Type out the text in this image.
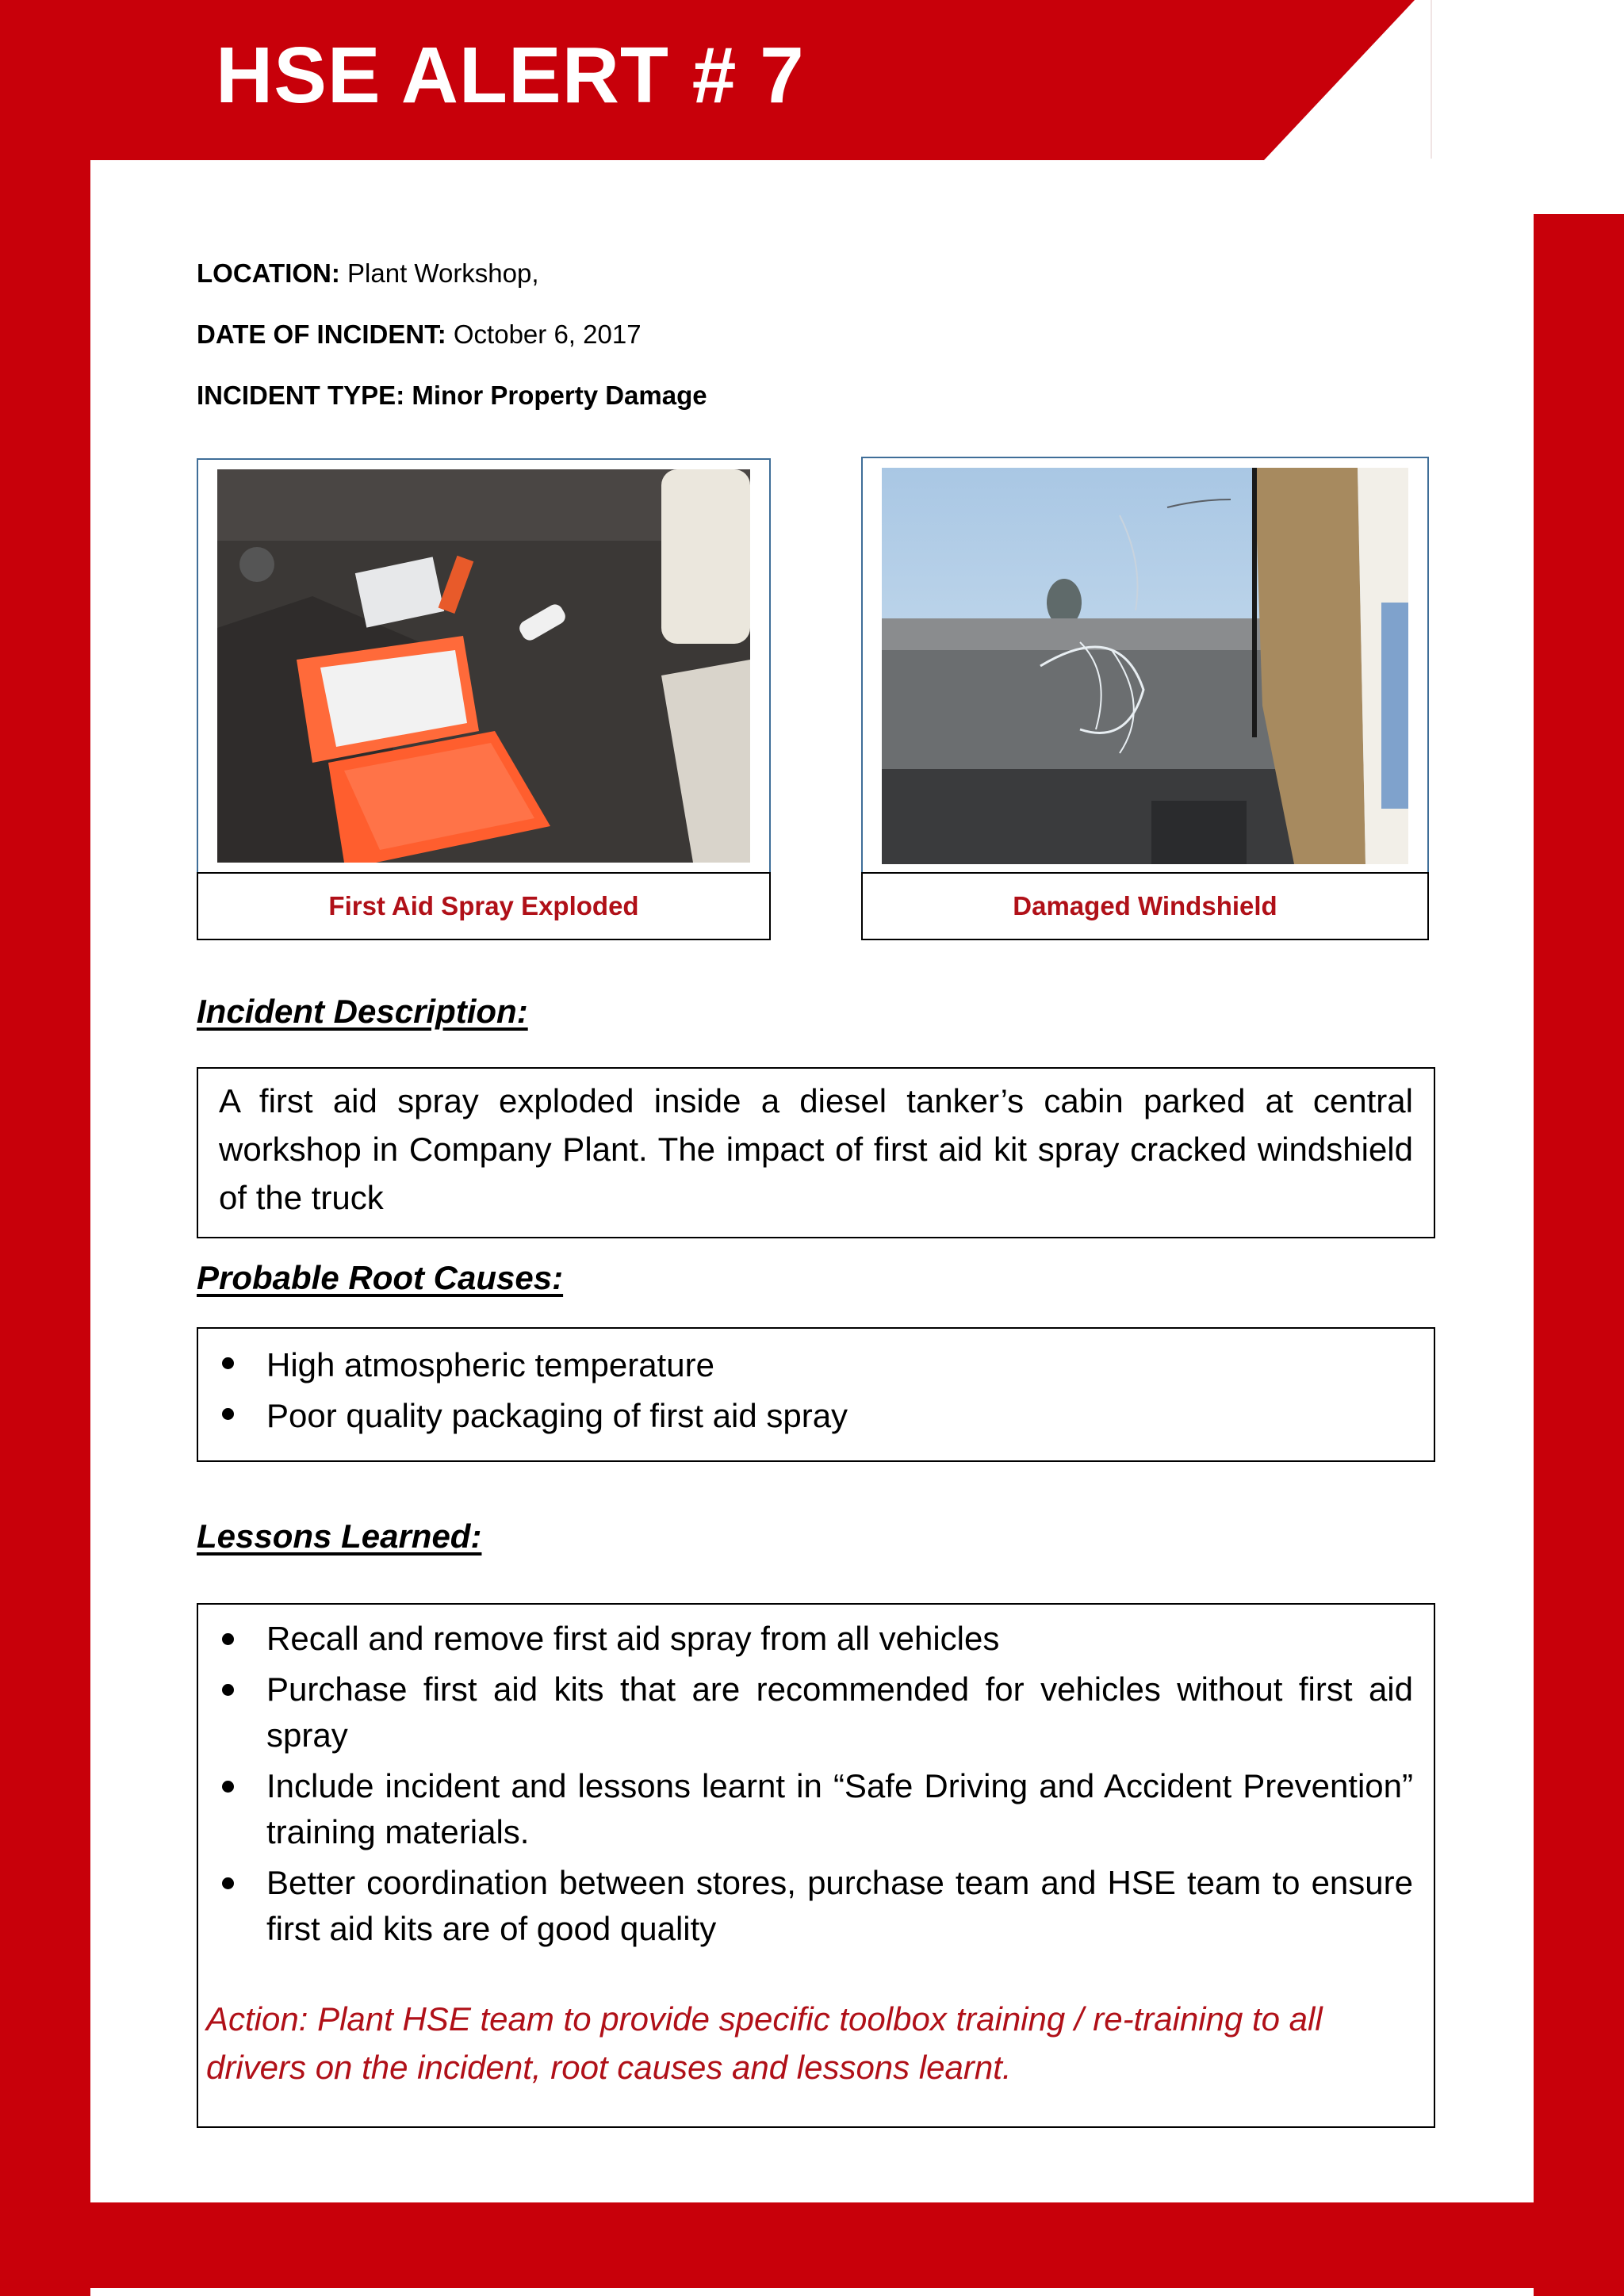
HSE ALERT # 7
LOCATION: Plant Workshop,
DATE OF INCIDENT: October 6, 2017
INCIDENT TYPE: Minor Property Damage
First Aid Spray Exploded	Damaged Windshield
Incident Description:

A first aid spray exploded inside a diesel tanker’s cabin parked at central workshop in Company Plant. The impact of first aid kit spray cracked windshield of the truck

Probable Root Causes:
High atmospheric temperature
Poor quality packaging of first aid spray
Lessons Learned:
Recall and remove first aid spray from all vehicles
Purchase first aid kits that are recommended for vehicles without first aid spray
Include incident and lessons learnt in “Safe Driving and Accident Prevention” training materials.
Better coordination between stores, purchase team and HSE team to ensure first aid kits are of good quality

Action: Plant HSE team to provide specific toolbox training / re-training to all drivers on the incident, root causes and lessons learnt.
